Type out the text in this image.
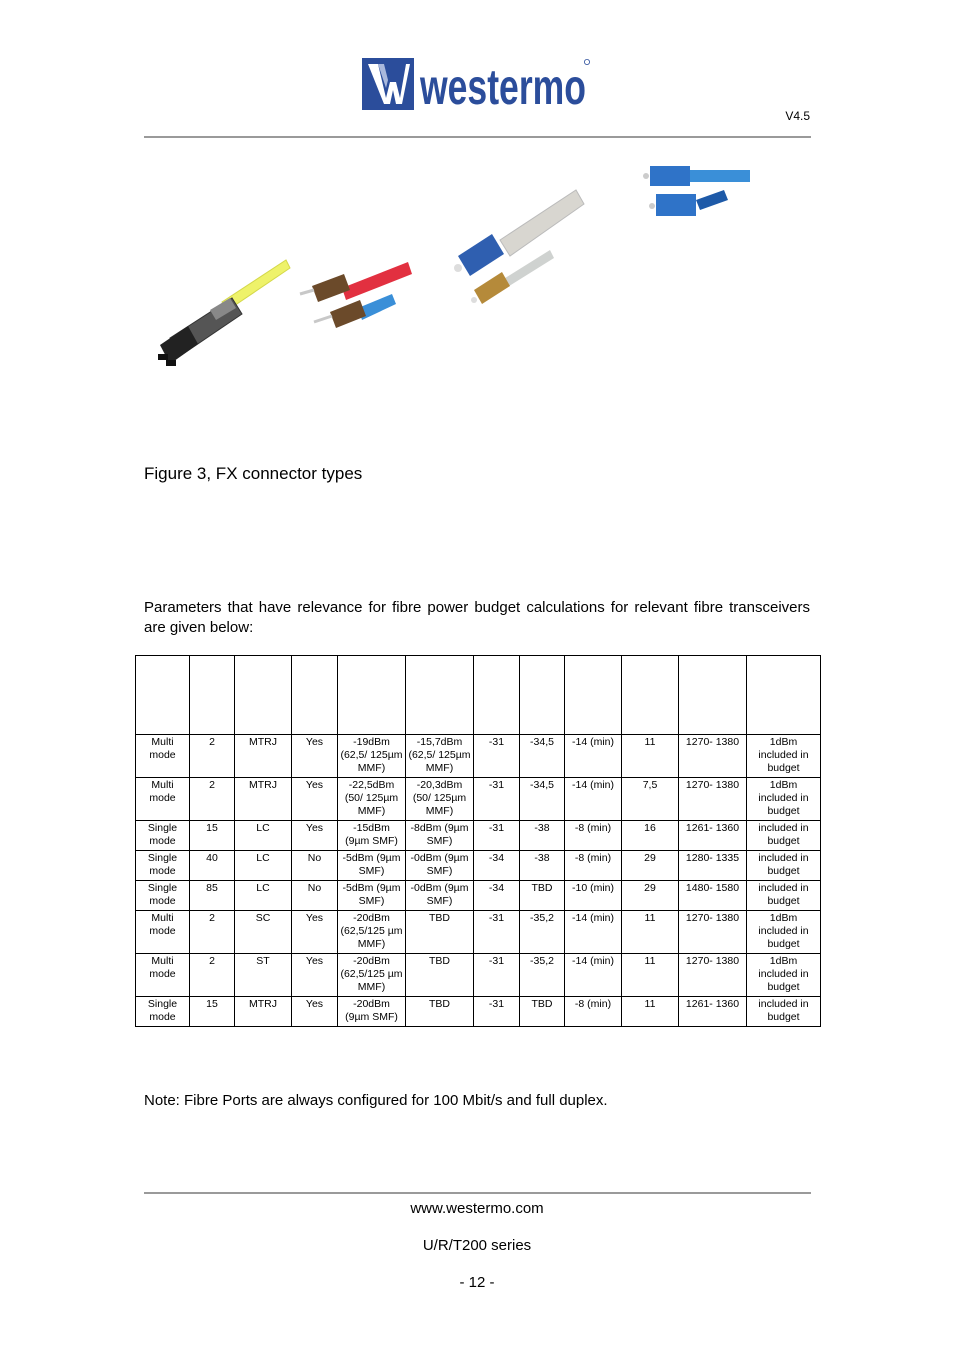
westermo
V4.5
Figure 3, FX connector types
Parameters that have relevance for fibre power budget calculations for relevant fibre transceivers are given below:

Multi mode	2	MTRJ	Yes	-19dBm (62,5/ 125µm MMF)	-15,7dBm (62,5/ 125µm MMF)	-31	-34,5	-14 (min)	11	1270- 1380	1dBm included in budget
Multi mode	2	MTRJ	Yes	-22,5dBm (50/ 125µm MMF)	-20,3dBm (50/ 125µm MMF)	-31	-34,5	-14 (min)	7,5	1270- 1380	1dBm included in budget
Single mode	15	LC	Yes	-15dBm (9µm SMF)	-8dBm (9µm SMF)	-31	-38	-8 (min)	16	1261- 1360	included in budget
Single mode	40	LC	No	-5dBm (9µm SMF)	-0dBm (9µm SMF)	-34	-38	-8 (min)	29	1280- 1335	included in budget
Single mode	85	LC	No	-5dBm (9µm SMF)	-0dBm (9µm SMF)	-34	TBD	-10 (min)	29	1480- 1580	included in budget
Multi mode	2	SC	Yes	-20dBm (62,5/125 µm MMF)	TBD	-31	-35,2	-14 (min)	11	1270- 1380	1dBm included in budget
Multi mode	2	ST	Yes	-20dBm (62,5/125 µm MMF)	TBD	-31	-35,2	-14 (min)	11	1270- 1380	1dBm included in budget
Single mode	15	MTRJ	Yes	-20dBm (9µm SMF)	TBD	-31	TBD	-8 (min)	11	1261- 1360	included in budget
Note: Fibre Ports are always configured for 100 Mbit/s and full duplex.
www.westermo.com
U/R/T200 series
- 12 -
